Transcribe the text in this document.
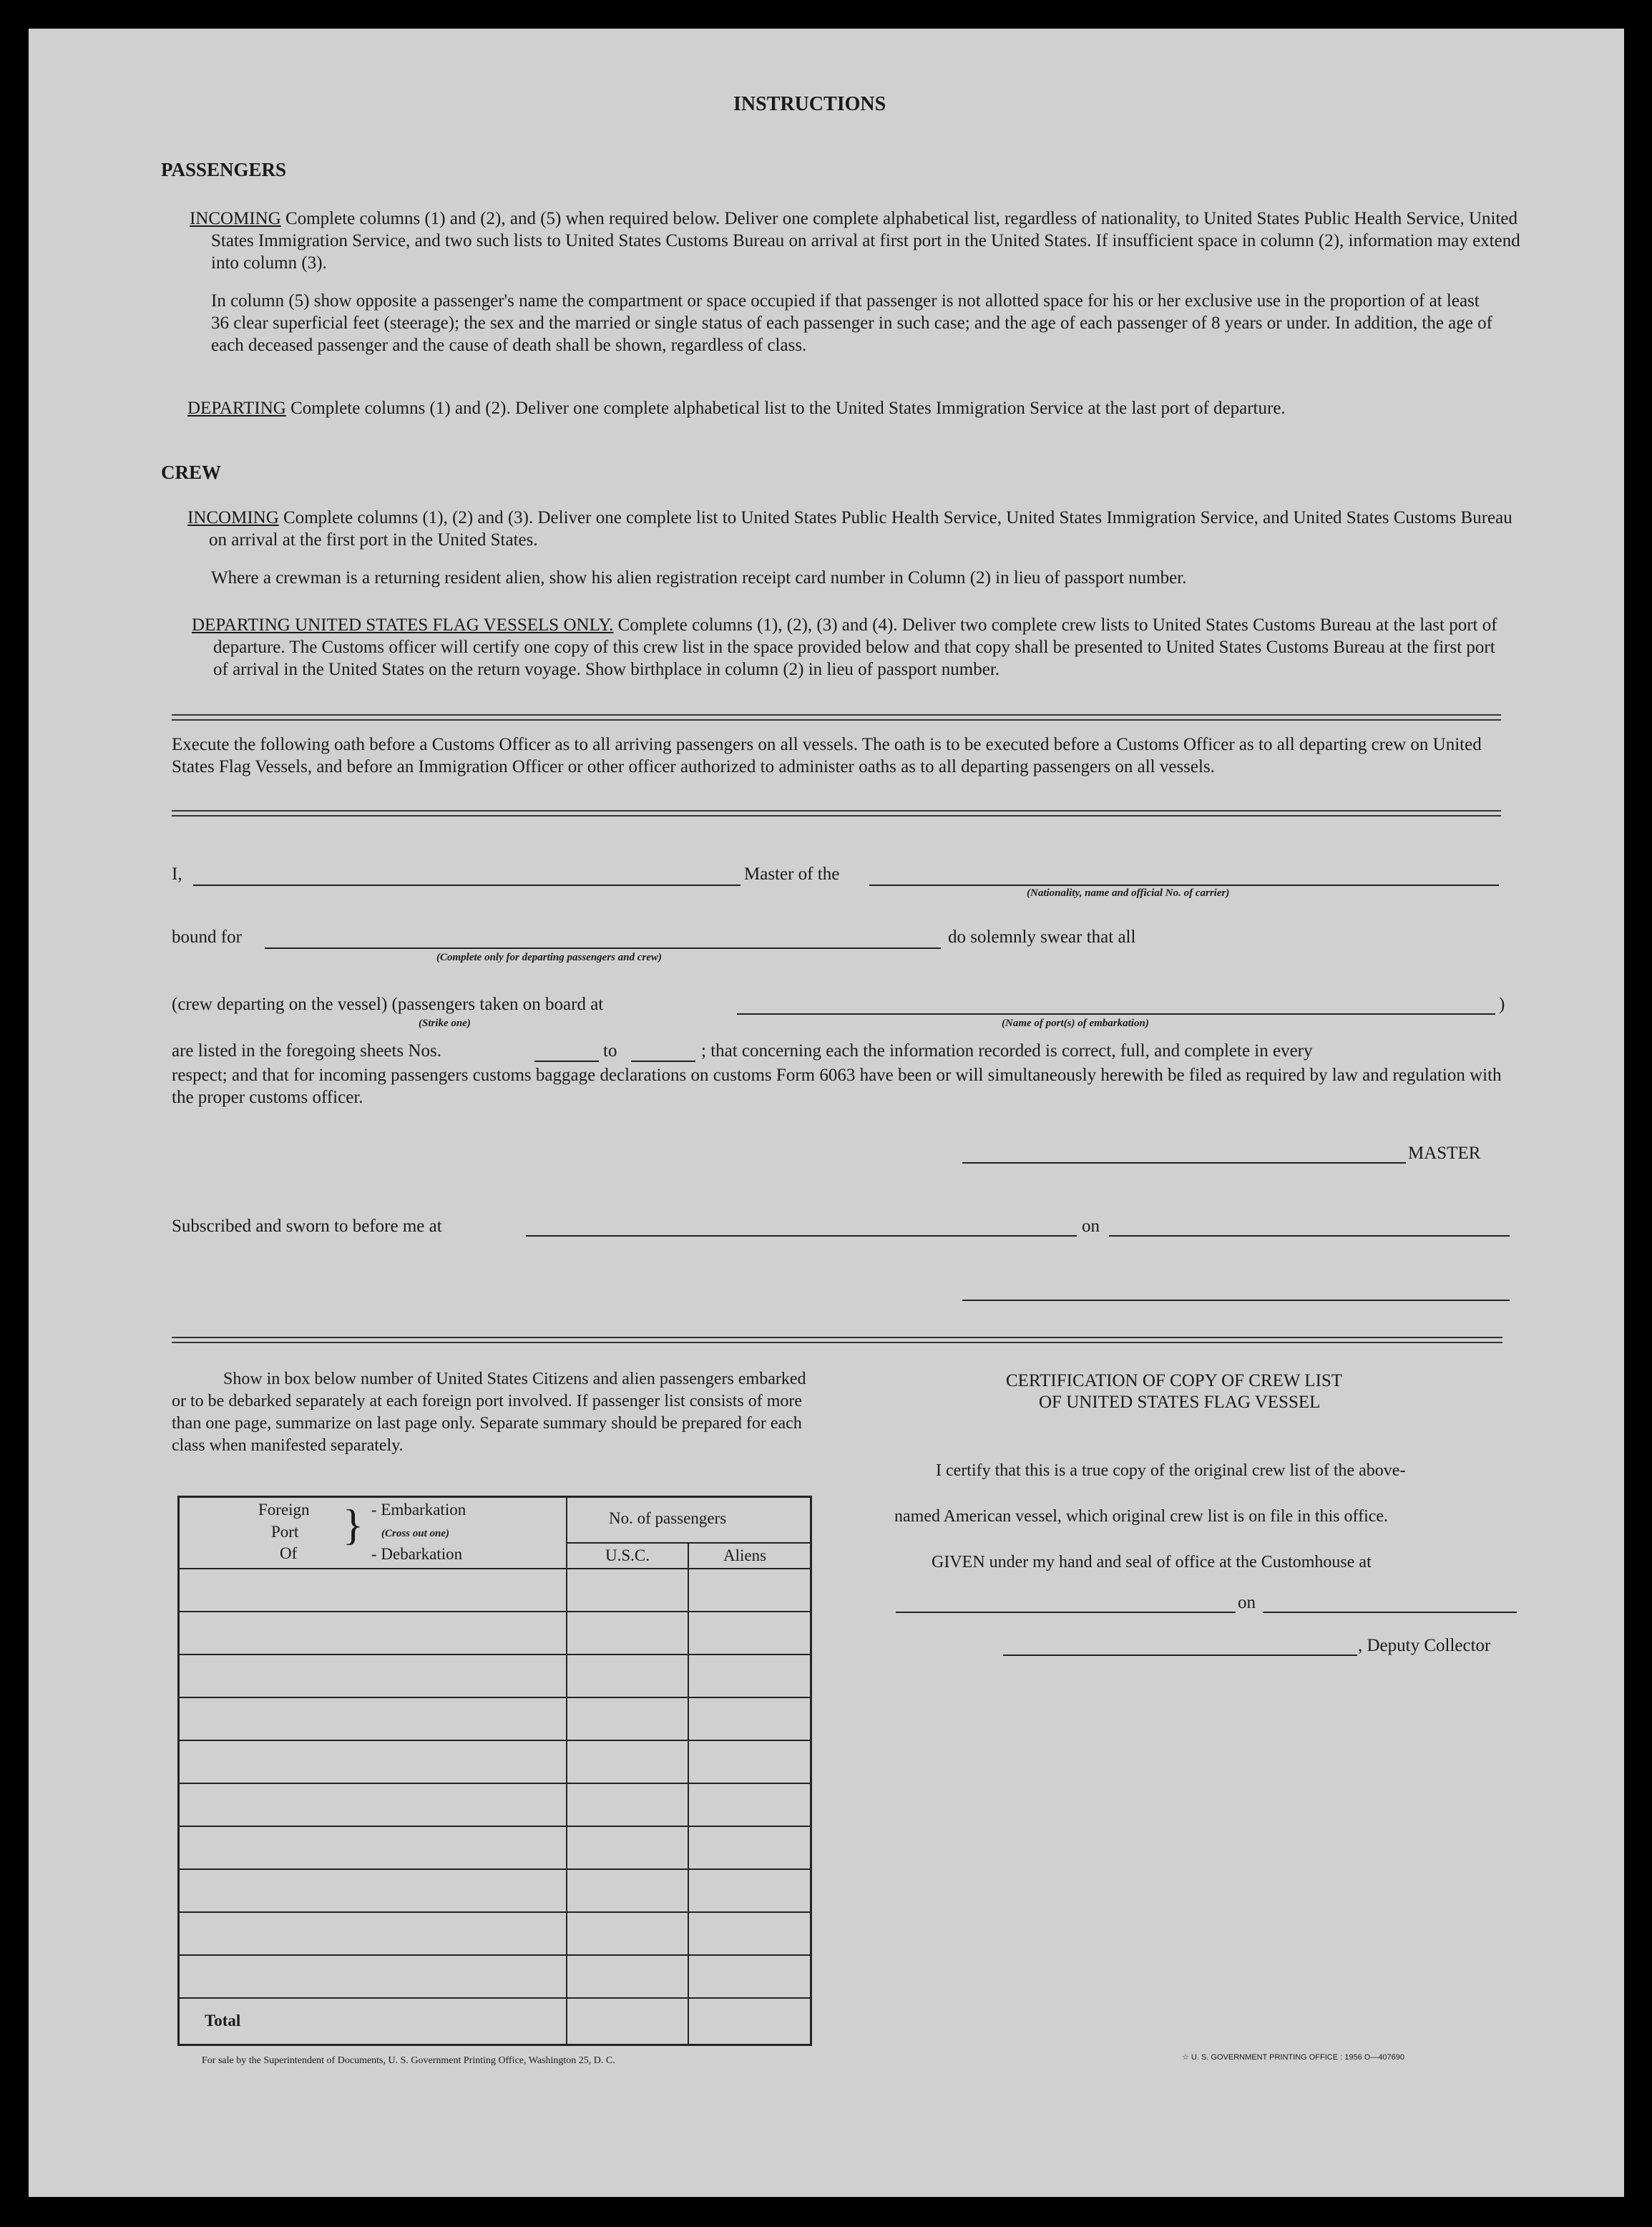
INSTRUCTIONS
PASSENGERS
INCOMING Complete columns (1) and (2), and (5) when required below. Deliver one complete alphabetical list, regardless of nationality, to United States Public Health Service, United States Immigration Service, and two such lists to United States Customs Bureau on arrival at first port in the United States. If insufficient space in column (2), information may extend into column (3).
In column (5) show opposite a passenger's name the compartment or space occupied if that passenger is not allotted space for his or her exclusive use in the proportion of at least 36 clear superficial feet (steerage); the sex and the married or single status of each passenger in such case; and the age of each passenger of 8 years or under. In addition, the age of each deceased passenger and the cause of death shall be shown, regardless of class.
DEPARTING Complete columns (1) and (2). Deliver one complete alphabetical list to the United States Immigration Service at the last port of departure.
CREW
INCOMING Complete columns (1), (2) and (3). Deliver one complete list to United States Public Health Service, United States Immigration Service, and United States Customs Bureau on arrival at the first port in the United States.
Where a crewman is a returning resident alien, show his alien registration receipt card number in Column (2) in lieu of passport number.
DEPARTING UNITED STATES FLAG VESSELS ONLY. Complete columns (1), (2), (3) and (4). Deliver two complete crew lists to United States Customs Bureau at the last port of departure. The Customs officer will certify one copy of this crew list in the space provided below and that copy shall be presented to United States Customs Bureau at the first port of arrival in the United States on the return voyage. Show birthplace in column (2) in lieu of passport number.
Execute the following oath before a Customs Officer as to all arriving passengers on all vessels. The oath is to be executed before a Customs Officer as to all departing crew on United States Flag Vessels, and before an Immigration Officer or other officer authorized to administer oaths as to all departing passengers on all vessels.
I,	Master of the
(Nationality, name and official No. of carrier)
bound for
(Complete only for departing passengers and crew)
do solemnly swear that all
(crew departing on the vessel) (passengers taken on board at
(Strike one)	(Name of port(s) of embarkation)
)
are listed in the foregoing sheets Nos.	to	; that concerning each the information recorded is correct, full, and complete in every
respect; and that for incoming passengers customs baggage declarations on customs Form 6063 have been or will simultaneously herewith be filed as required by law and regulation with the proper customs officer.
MASTER
Subscribed and sworn to before me at	on
Show in box below number of United States Citizens and alien passengers embarked or to be debarked separately at each foreign port involved. If passenger list consists of more than one page, summarize on last page only. Separate summary should be prepared for each class when manifested separately.
Foreign
Port
Of
} - Embarkation
(Cross out one)
- Debarkation
No. of passengers
U.S.C.	Aliens
Total
CERTIFICATION OF COPY OF CREW LIST
OF UNITED STATES FLAG VESSEL
I certify that this is a true copy of the original crew list of the above-
named American vessel, which original crew list is on file in this office.
GIVEN under my hand and seal of office at the Customhouse at
on
, Deputy Collector
For sale by the Superintendent of Documents, U. S. Government Printing Office, Washington 25, D. C.	☆ U. S. GOVERNMENT PRINTING OFFICE : 1956 O—407690
